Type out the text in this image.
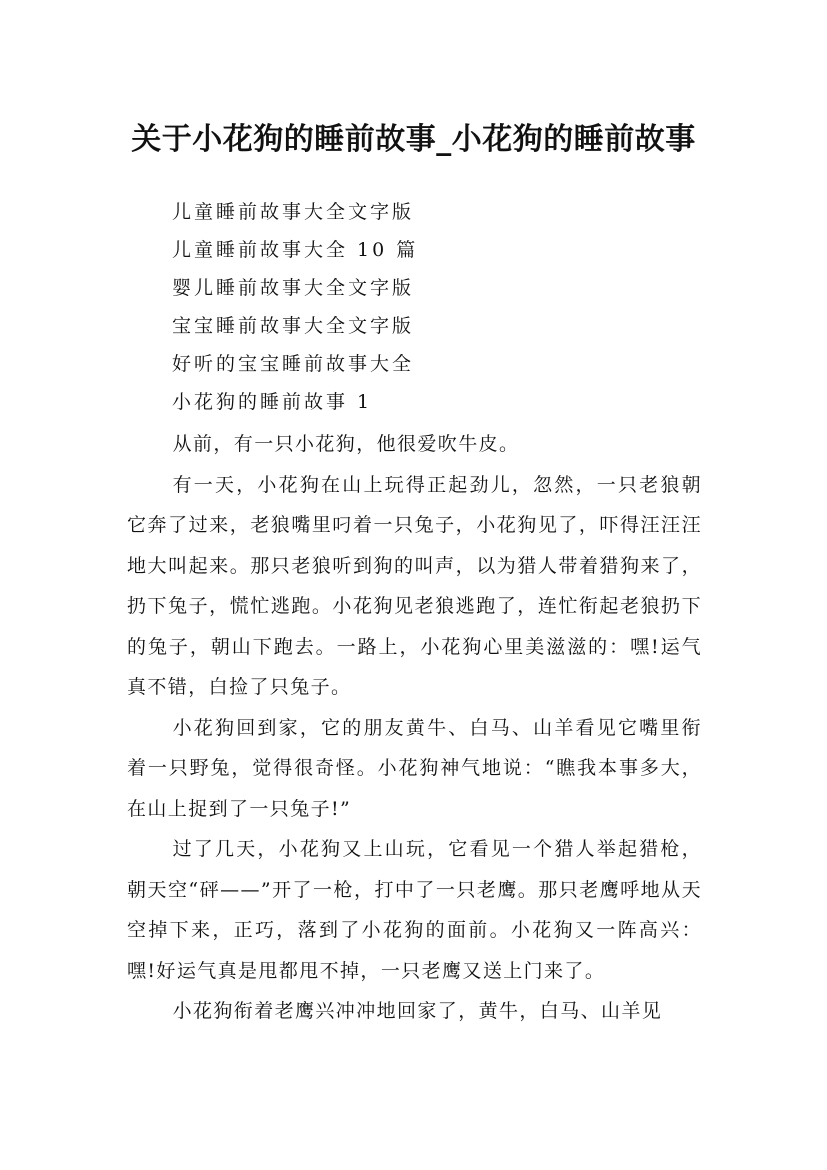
关于小花狗的睡前故事_小花狗的睡前故事
儿童睡前故事大全文字版
儿童睡前故事大全 10 篇
婴儿睡前故事大全文字版
宝宝睡前故事大全文字版
好听的宝宝睡前故事大全
小花狗的睡前故事 1

从前，有一只小花狗，他很爱吹牛皮。

有一天，小花狗在山上玩得正起劲儿，忽然，一只老狼朝它奔了过来，老狼嘴里叼着一只兔子，小花狗见了，吓得汪汪汪地大叫起来。那只老狼听到狗的叫声，以为猎人带着猎狗来了，扔下兔子，慌忙逃跑。小花狗见老狼逃跑了，连忙衔起老狼扔下的兔子，朝山下跑去。一路上，小花狗心里美滋滋的：嘿!运气真不错，白捡了只兔子。

小花狗回到家，它的朋友黄牛、白马、山羊看见它嘴里衔着一只野兔，觉得很奇怪。小花狗神气地说：“瞧我本事多大，在山上捉到了一只兔子!”

过了几天，小花狗又上山玩，它看见一个猎人举起猎枪，朝天空“砰——”开了一枪，打中了一只老鹰。那只老鹰呼地从天空掉下来，正巧，落到了小花狗的面前。小花狗又一阵高兴：嘿!好运气真是甩都甩不掉，一只老鹰又送上门来了。

小花狗衔着老鹰兴冲冲地回家了，黄牛，白马、山羊见
